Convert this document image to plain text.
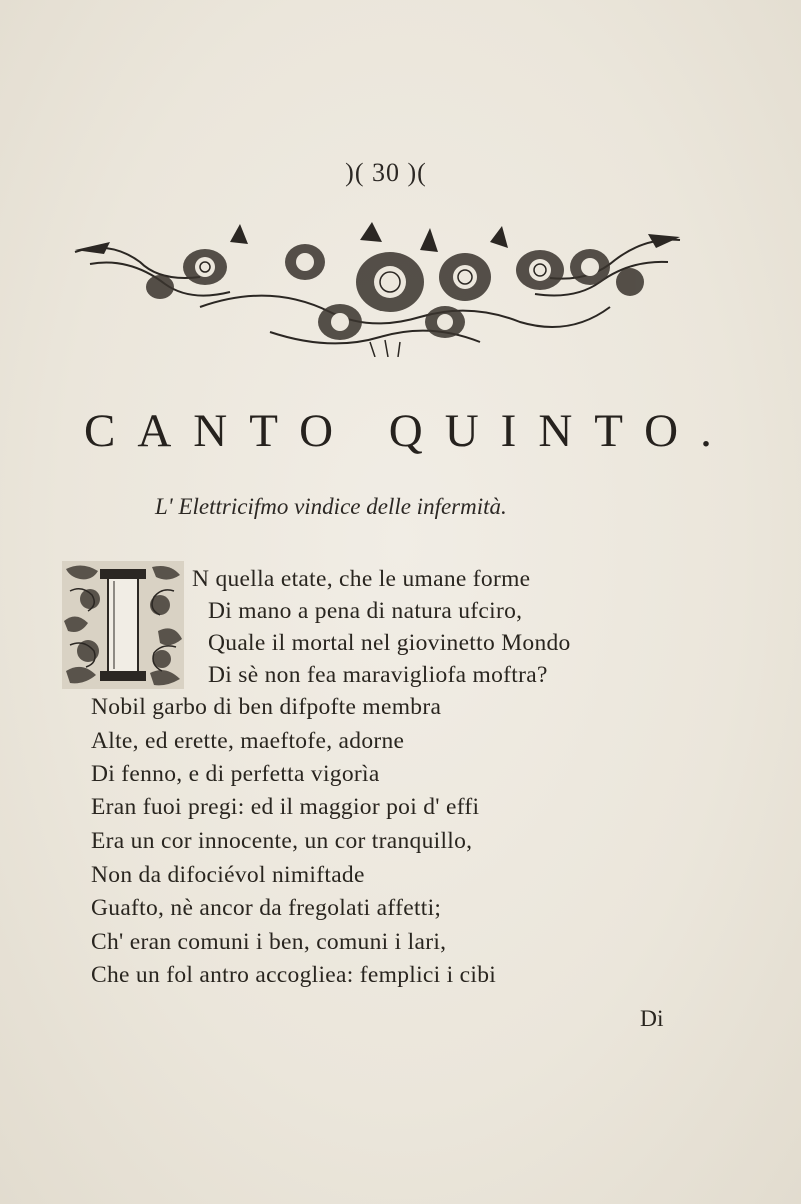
)( 30 )(
CANTO QUINTO.
L' Elettricifmo vindice delle infermità.
N quella etate, che le umane forme
Di mano a pena di natura ufciro,
Quale il mortal nel giovinetto Mondo
Di sè non fea maravigliofa moftra?
Nobil garbo di ben difpofte membra
Alte, ed erette, maeftofe, adorne
Di fenno, e di perfetta vigorìa
Eran fuoi pregi: ed il maggior poi d' effi
Era un cor innocente, un cor tranquillo,
Non da difociévol nimiftade
Guafto, nè ancor da fregolati affetti;
Ch' eran comuni i ben, comuni i lari,
Che un fol antro accogliea: femplici i cibi
Di
